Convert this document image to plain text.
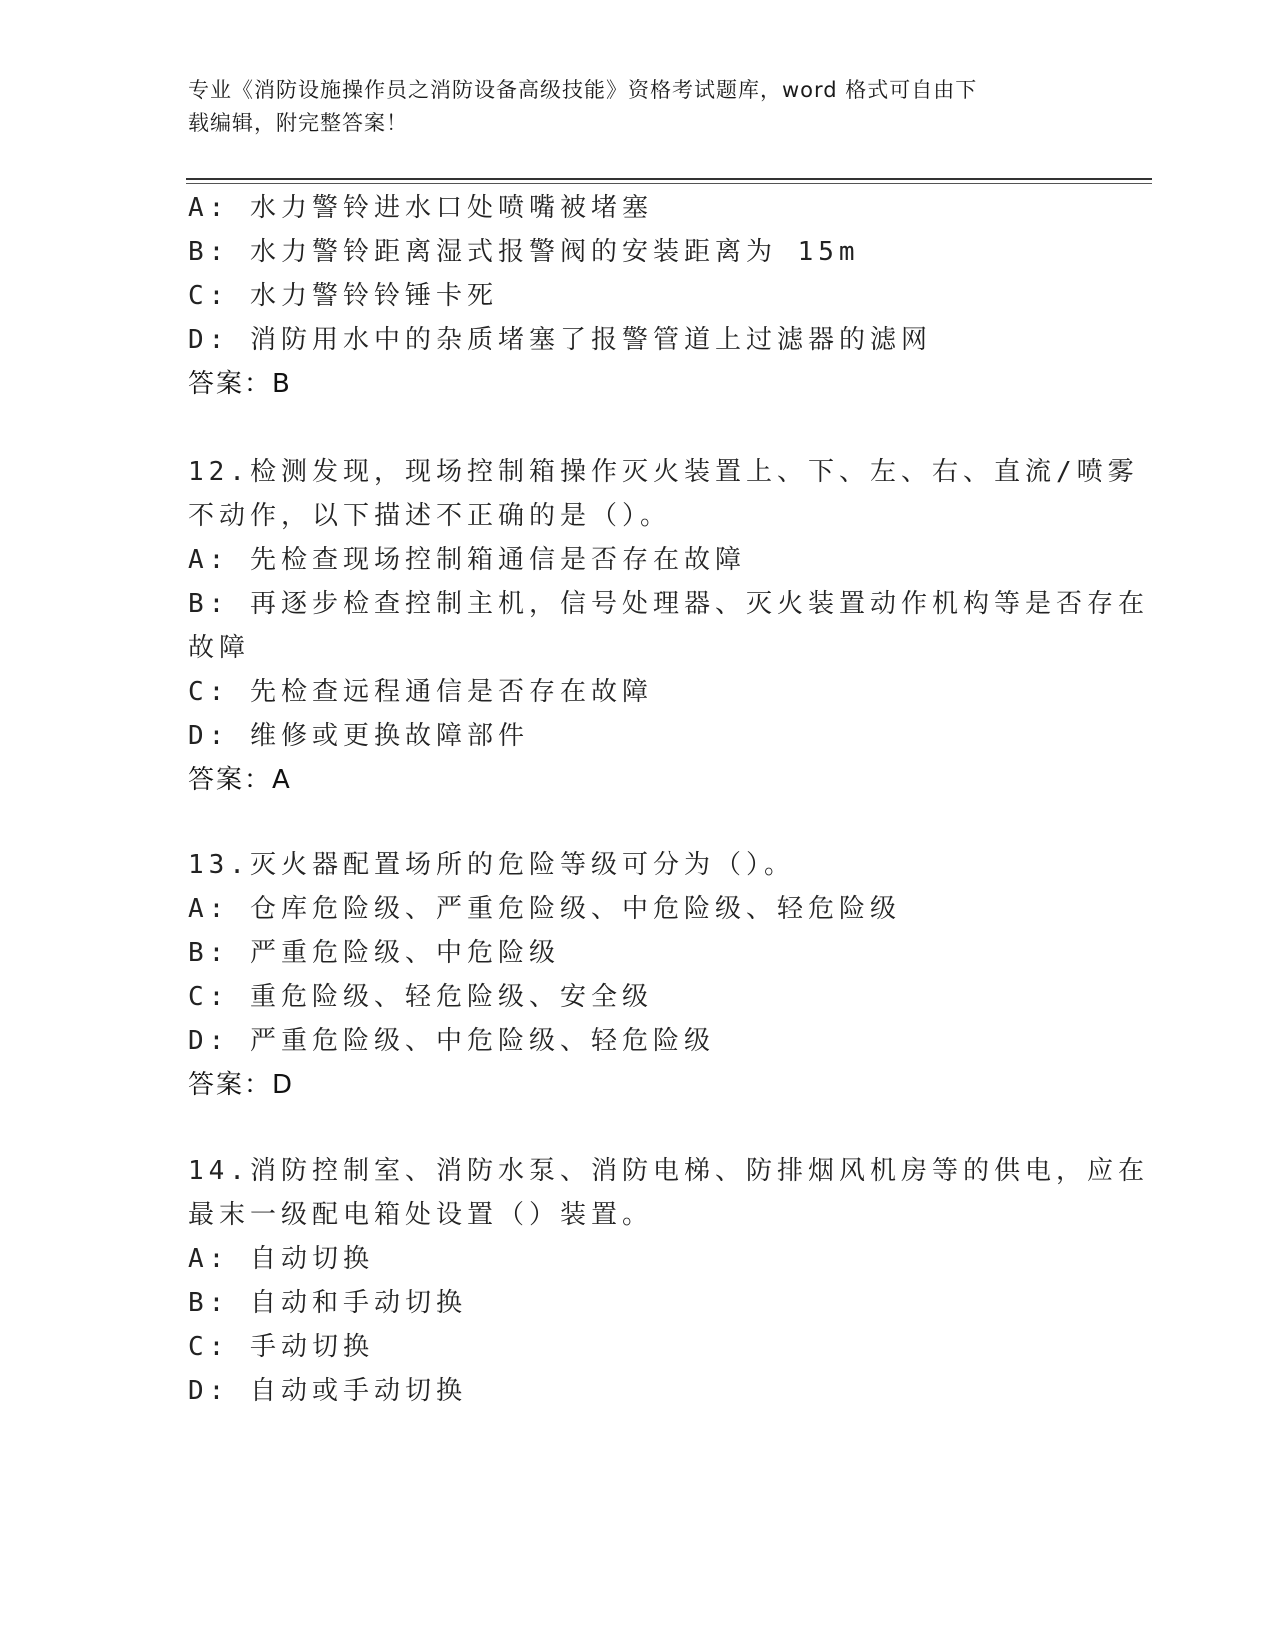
专业《消防设施操作员之消防设备高级技能》资格考试题库，word 格式可自由下
载编辑，附完整答案！
A: 水力警铃进水口处喷嘴被堵塞
B: 水力警铃距离湿式报警阀的安装距离为 15m
C: 水力警铃铃锤卡死
D: 消防用水中的杂质堵塞了报警管道上过滤器的滤网
答案：B
12.检测发现，现场控制箱操作灭火装置上、下、左、右、直流/喷雾
不动作，以下描述不正确的是（）。
A: 先检查现场控制箱通信是否存在故障
B: 再逐步检查控制主机，信号处理器、灭火装置动作机构等是否存在
故障
C: 先检查远程通信是否存在故障
D: 维修或更换故障部件
答案：A
13.灭火器配置场所的危险等级可分为（）。
A: 仓库危险级、严重危险级、中危险级、轻危险级
B: 严重危险级、中危险级
C: 重危险级、轻危险级、安全级
D: 严重危险级、中危险级、轻危险级
答案：D
14.消防控制室、消防水泵、消防电梯、防排烟风机房等的供电，应在
最末一级配电箱处设置（）装置。
A: 自动切换
B: 自动和手动切换
C: 手动切换
D: 自动或手动切换
